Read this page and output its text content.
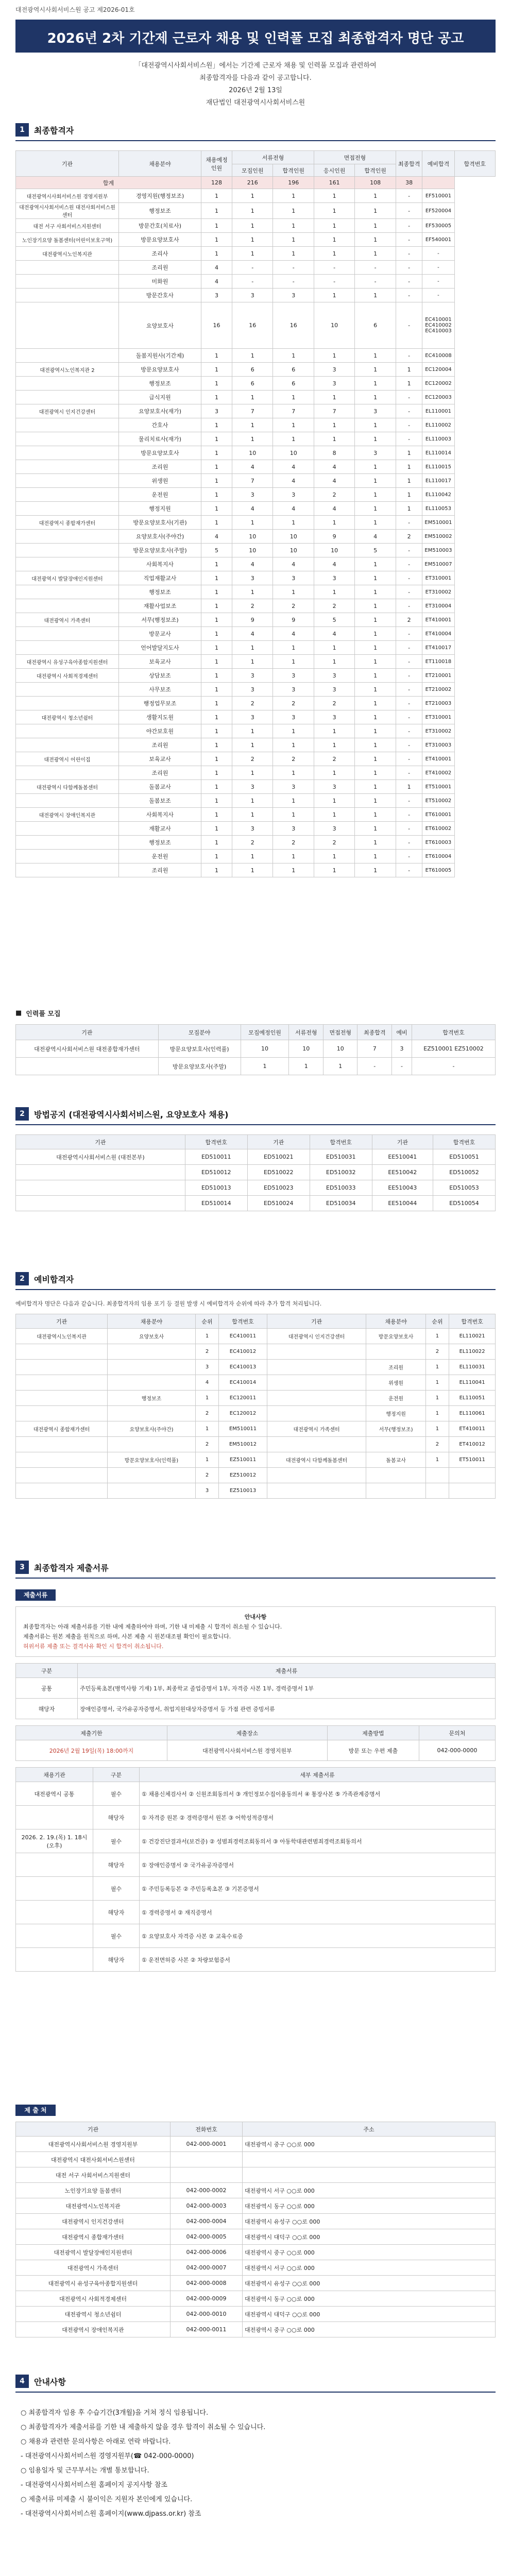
대전광역시사회서비스원 공고 제2026-01호
2026년 2차 기간제 근로자 채용 및 인력풀 모집 최종합격자 명단 공고
「대전광역시사회서비스원」에서는 기간제 근로자 채용 및 인력풀 모집과 관련하여
최종합격자를 다음과 같이 공고합니다.
2026년 2월 13일
재단법인 대전광역시사회서비스원
1	최종합격자
기관	채용분야	채용예정인원	서류전형		면접전형		최종합격	예비합격	합격번호
			모집인원	합격인원	응시인원	합격인원			
합계		128	216	196	161	108	38		
대전광역시사회서비스원 경영지원부	경영지원(행정보조)	1	1	1	1	1	-	EF510001	
대전광역시사회서비스원 대전사회서비스원센터	행정보조	1	1	1	1	1	-	EF520004	
대전 서구 사회서비스지원센터	방문간호(치료사)	1	1	1	1	1	-	EF530005	
노인장기요양 돌봄센터(어린이보호구역)	방문요양보호사	1	1	1	1	1	-	EF540001	
대전광역시노인복지관	조리사	1	1	1	1	1	-	-	
	조리원	4	-	-	-	-	-	-	
	미화원	4	-	-	-	-	-	-	
	방문간호사	3	3	3	1	1	-	-	
	요양보호사	16	16	16	10	6	-	EC410001 EC410002 EC410003	
	돌봄지원사(기간제)	1	1	1	1	1	-	EC410008	
대전광역시노인복지관 2	방문요양보호사	1	6	6	3	1	1	EC120004	
	행정보조	1	6	6	3	1	1	EC120002	
	급식지원	1	1	1	1	1	-	EC120003	
대전광역시 인지건강센터	요양보호사(재가)	3	7	7	7	3	-	EL110001	
	간호사	1	1	1	1	1	-	EL110002	
	물리치료사(재가)	1	1	1	1	1	-	EL110003	
	방문요양보호사	1	10	10	8	3	1	EL110014	
	조리원	1	4	4	4	1	1	EL110015	
	위생원	1	7	4	4	1	1	EL110017	
	운전원	1	3	3	2	1	1	EL110042	
	행정지원	1	4	4	4	1	1	EL110053	
대전광역시 종합재가센터	방문요양보호사(기관)	1	1	1	1	1	-	EM510001	
	요양보호사(주야간)	4	10	10	9	4	2	EM510002	
	방문요양보호사(주말)	5	10	10	10	5	-	EM510003	
	사회복지사	1	4	4	4	1	-	EM510007	
대전광역시 발달장애인지원센터	직업재활교사	1	3	3	3	1	-	ET310001	
	행정보조	1	1	1	1	1	-	ET310002	
	재활사업보조	1	2	2	2	1	-	ET310004	
대전광역시 가족센터	서무(행정보조)	1	9	9	5	1	2	ET410001	
	방문교사	1	4	4	4	1	-	ET410004	
	언어발달지도사	1	1	1	1	1	-	ET410017	
대전광역시 유성구육아종합지원센터	보육교사	1	1	1	1	1	-	ET110018	
대전광역시 사회적경제센터	상담보조	1	3	3	3	1	-	ET210001	
	사무보조	1	3	3	3	1	-	ET210002	
	행정업무보조	1	2	2	2	1	-	ET210003	
대전광역시 청소년쉼터	생활지도원	1	3	3	3	1	-	ET310001	
	야간보호원	1	1	1	1	1	-	ET310002	
	조리원	1	1	1	1	1	-	ET310003	
대전광역시 어린이집	보육교사	1	2	2	2	1	-	ET410001	
	조리원	1	1	1	1	1	-	ET410002	
대전광역시 다함께돌봄센터	돌봄교사	1	3	3	3	1	1	ET510001	
	돌봄보조	1	1	1	1	1	-	ET510002	
대전광역시 장애인복지관	사회복지사	1	1	1	1	1	-	ET610001	
	재활교사	1	3	3	3	1	-	ET610002	
	행정보조	1	2	2	2	1	-	ET610003	
	운전원	1	1	1	1	1	-	ET610004	
	조리원	1	1	1	1	1	-	ET610005	
■ 인력풀 모집
기관	모집분야	모집예정인원	서류전형	면접전형	최종합격	예비	합격번호
대전광역시사회서비스원 대전종합재가센터	방문요양보호사(인력풀)	10	10	10	7	3	EZ510001 EZ510002
	방문요양보호사(주말)	1	1	1	-	-	-
2	방법공지 (대전광역시사회서비스원, 요양보호사 채용)
기관	합격번호	기관	합격번호	기관	합격번호
대전광역시사회서비스원 (대전본부)	ED510011	ED510021	ED510031	EE510041	ED510051
	ED510012	ED510022	ED510032	EE510042	ED510052
	ED510013	ED510023	ED510033	EE510043	ED510053
	ED510014	ED510024	ED510034	EE510044	ED510054
2	예비합격자
예비합격자 명단은 다음과 같습니다. 최종합격자의 임용 포기 등 결원 발생 시 예비합격자 순위에 따라 추가 합격 처리됩니다.
기관	채용분야	순위	합격번호	기관	채용분야	순위	합격번호
대전광역시노인복지관	요양보호사	1	EC410011	대전광역시 인지건강센터	방문요양보호사	1	EL110021
		2	EC410012			2	EL110022
		3	EC410013		조리원	1	EL110031
		4	EC410014		위생원	1	EL110041
	행정보조	1	EC120011		운전원	1	EL110051
		2	EC120012		행정지원	1	EL110061
대전광역시 종합재가센터	요양보호사(주야간)	1	EM510011	대전광역시 가족센터	서무(행정보조)	1	ET410011
		2	EM510012			2	ET410012
	방문요양보호사(인력풀)	1	EZ510011	대전광역시 다함께돌봄센터	돌봄교사	1	ET510011
		2	EZ510012				
		3	EZ510013				
3	최종합격자 제출서류
제출서류
안내사항
최종합격자는 아래 제출서류를 기한 내에 제출하여야 하며, 기한 내 미제출 시 합격이 취소될 수 있습니다.
제출서류는 원본 제출을 원칙으로 하며, 사본 제출 시 원본대조필 확인이 필요합니다.
허위서류 제출 또는 결격사유 확인 시 합격이 취소됩니다.
구분	제출서류
공통	주민등록초본(병역사항 기재) 1부, 최종학교 졸업증명서 1부, 자격증 사본 1부, 경력증명서 1부
해당자	장애인증명서, 국가유공자증명서, 취업지원대상자증명서 등 가점 관련 증빙서류
제출기한	제출장소	제출방법	문의처
2026년 2월 19일(목) 18:00까지	대전광역시사회서비스원 경영지원부	방문 또는 우편 제출	042-000-0000
채용기관	구분	세부 제출서류
대전광역시 공통	필수	① 채용신체검사서 ② 신원조회동의서 ③ 개인정보수집이용동의서 ④ 통장사본 ⑤ 가족관계증명서
	해당자	① 자격증 원본 ② 경력증명서 원본 ③ 어학성적증명서
2026. 2. 19.(목) 1. 18시 (오후)	필수	① 건강진단결과서(보건증) ② 성범죄경력조회동의서 ③ 아동학대관련범죄경력조회동의서
	해당자	① 장애인증명서 ② 국가유공자증명서
	필수	① 주민등록등본 ② 주민등록초본 ③ 기본증명서
	해당자	① 경력증명서 ② 재직증명서
	필수	① 요양보호사 자격증 사본 ② 교육수료증
	해당자	① 운전면허증 사본 ② 차량보험증서
제 출 처
기관	전화번호	주소
대전광역시사회서비스원 경영지원부	042-000-0001	대전광역시 중구 ○○로 000
대전광역시 대전사회서비스원센터		
대전 서구 사회서비스지원센터		
노인장기요양 돌봄센터	042-000-0002	대전광역시 서구 ○○로 000
대전광역시노인복지관	042-000-0003	대전광역시 동구 ○○로 000
대전광역시 인지건강센터	042-000-0004	대전광역시 유성구 ○○로 000
대전광역시 종합재가센터	042-000-0005	대전광역시 대덕구 ○○로 000
대전광역시 발달장애인지원센터	042-000-0006	대전광역시 중구 ○○로 000
대전광역시 가족센터	042-000-0007	대전광역시 서구 ○○로 000
대전광역시 유성구육아종합지원센터	042-000-0008	대전광역시 유성구 ○○로 000
대전광역시 사회적경제센터	042-000-0009	대전광역시 동구 ○○로 000
대전광역시 청소년쉼터	042-000-0010	대전광역시 대덕구 ○○로 000
대전광역시 장애인복지관	042-000-0011	대전광역시 중구 ○○로 000
4	안내사항
○ 최종합격자 임용 후 수습기간(3개월)을 거쳐 정식 임용됩니다.
○ 최종합격자가 제출서류를 기한 내 제출하지 않을 경우 합격이 취소될 수 있습니다.
○ 채용과 관련한 문의사항은 아래로 연락 바랍니다.
- 대전광역시사회서비스원 경영지원부(☎ 042-000-0000)
○ 임용일자 및 근무부서는 개별 통보합니다.
- 대전광역시사회서비스원 홈페이지 공지사항 참조
○ 제출서류 미제출 시 불이익은 지원자 본인에게 있습니다.
- 대전광역시사회서비스원 홈페이지(www.djpass.or.kr) 참조
